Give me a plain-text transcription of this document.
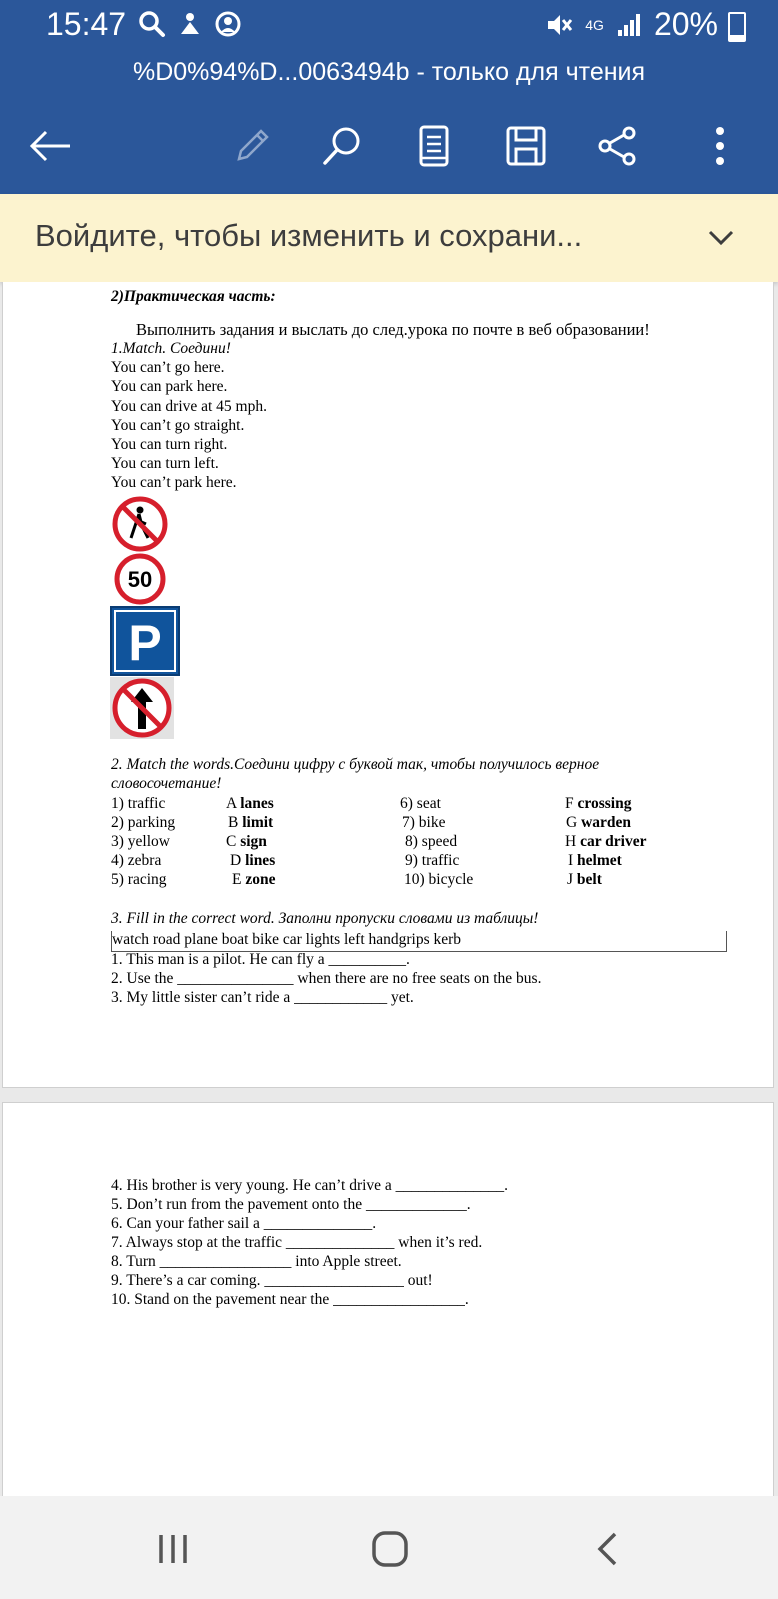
15:47	4G 20%
%D0%94%D...0063494b - только для чтения
Войдите, чтобы изменить и сохрани...
2)Практическая часть:
Выполнить задания и выслать до след.урока по почте в веб образовании!
1.Match. Соедини!
You can’t go here.
You can park here.
You can drive at 45 mph.
You can’t go straight.
You can turn right.
You can turn left.
You can’t park here.
50
P
2. Match the words.Соедини цифру с буквой так, чтобы получилось верное
словосочетание!
1) traffic	A lanes	6) seat	F crossing
2) parking	B limit	7) bike	G warden
3) yellow	C sign	8) speed	H car driver
4) zebra	D lines	9) traffic	I helmet
5) racing	E zone	10) bicycle	J belt
3. Fill in the correct word. Заполни пропуски словами из таблицы!
watch road plane boat bike car lights left handgrips kerb
1. This man is a pilot. He can fly a __________.
2. Use the _______________ when there are no free seats on the bus.
3. My little sister can’t ride a ____________ yet.
4. His brother is very young. He can’t drive a ______________.
5. Don’t run from the pavement onto the _____________.
6. Can your father sail a ______________.
7. Always stop at the traffic ______________ when it’s red.
8. Turn _________________ into Apple street.
9. There’s a car coming. __________________ out!
10. Stand on the pavement near the _________________.
